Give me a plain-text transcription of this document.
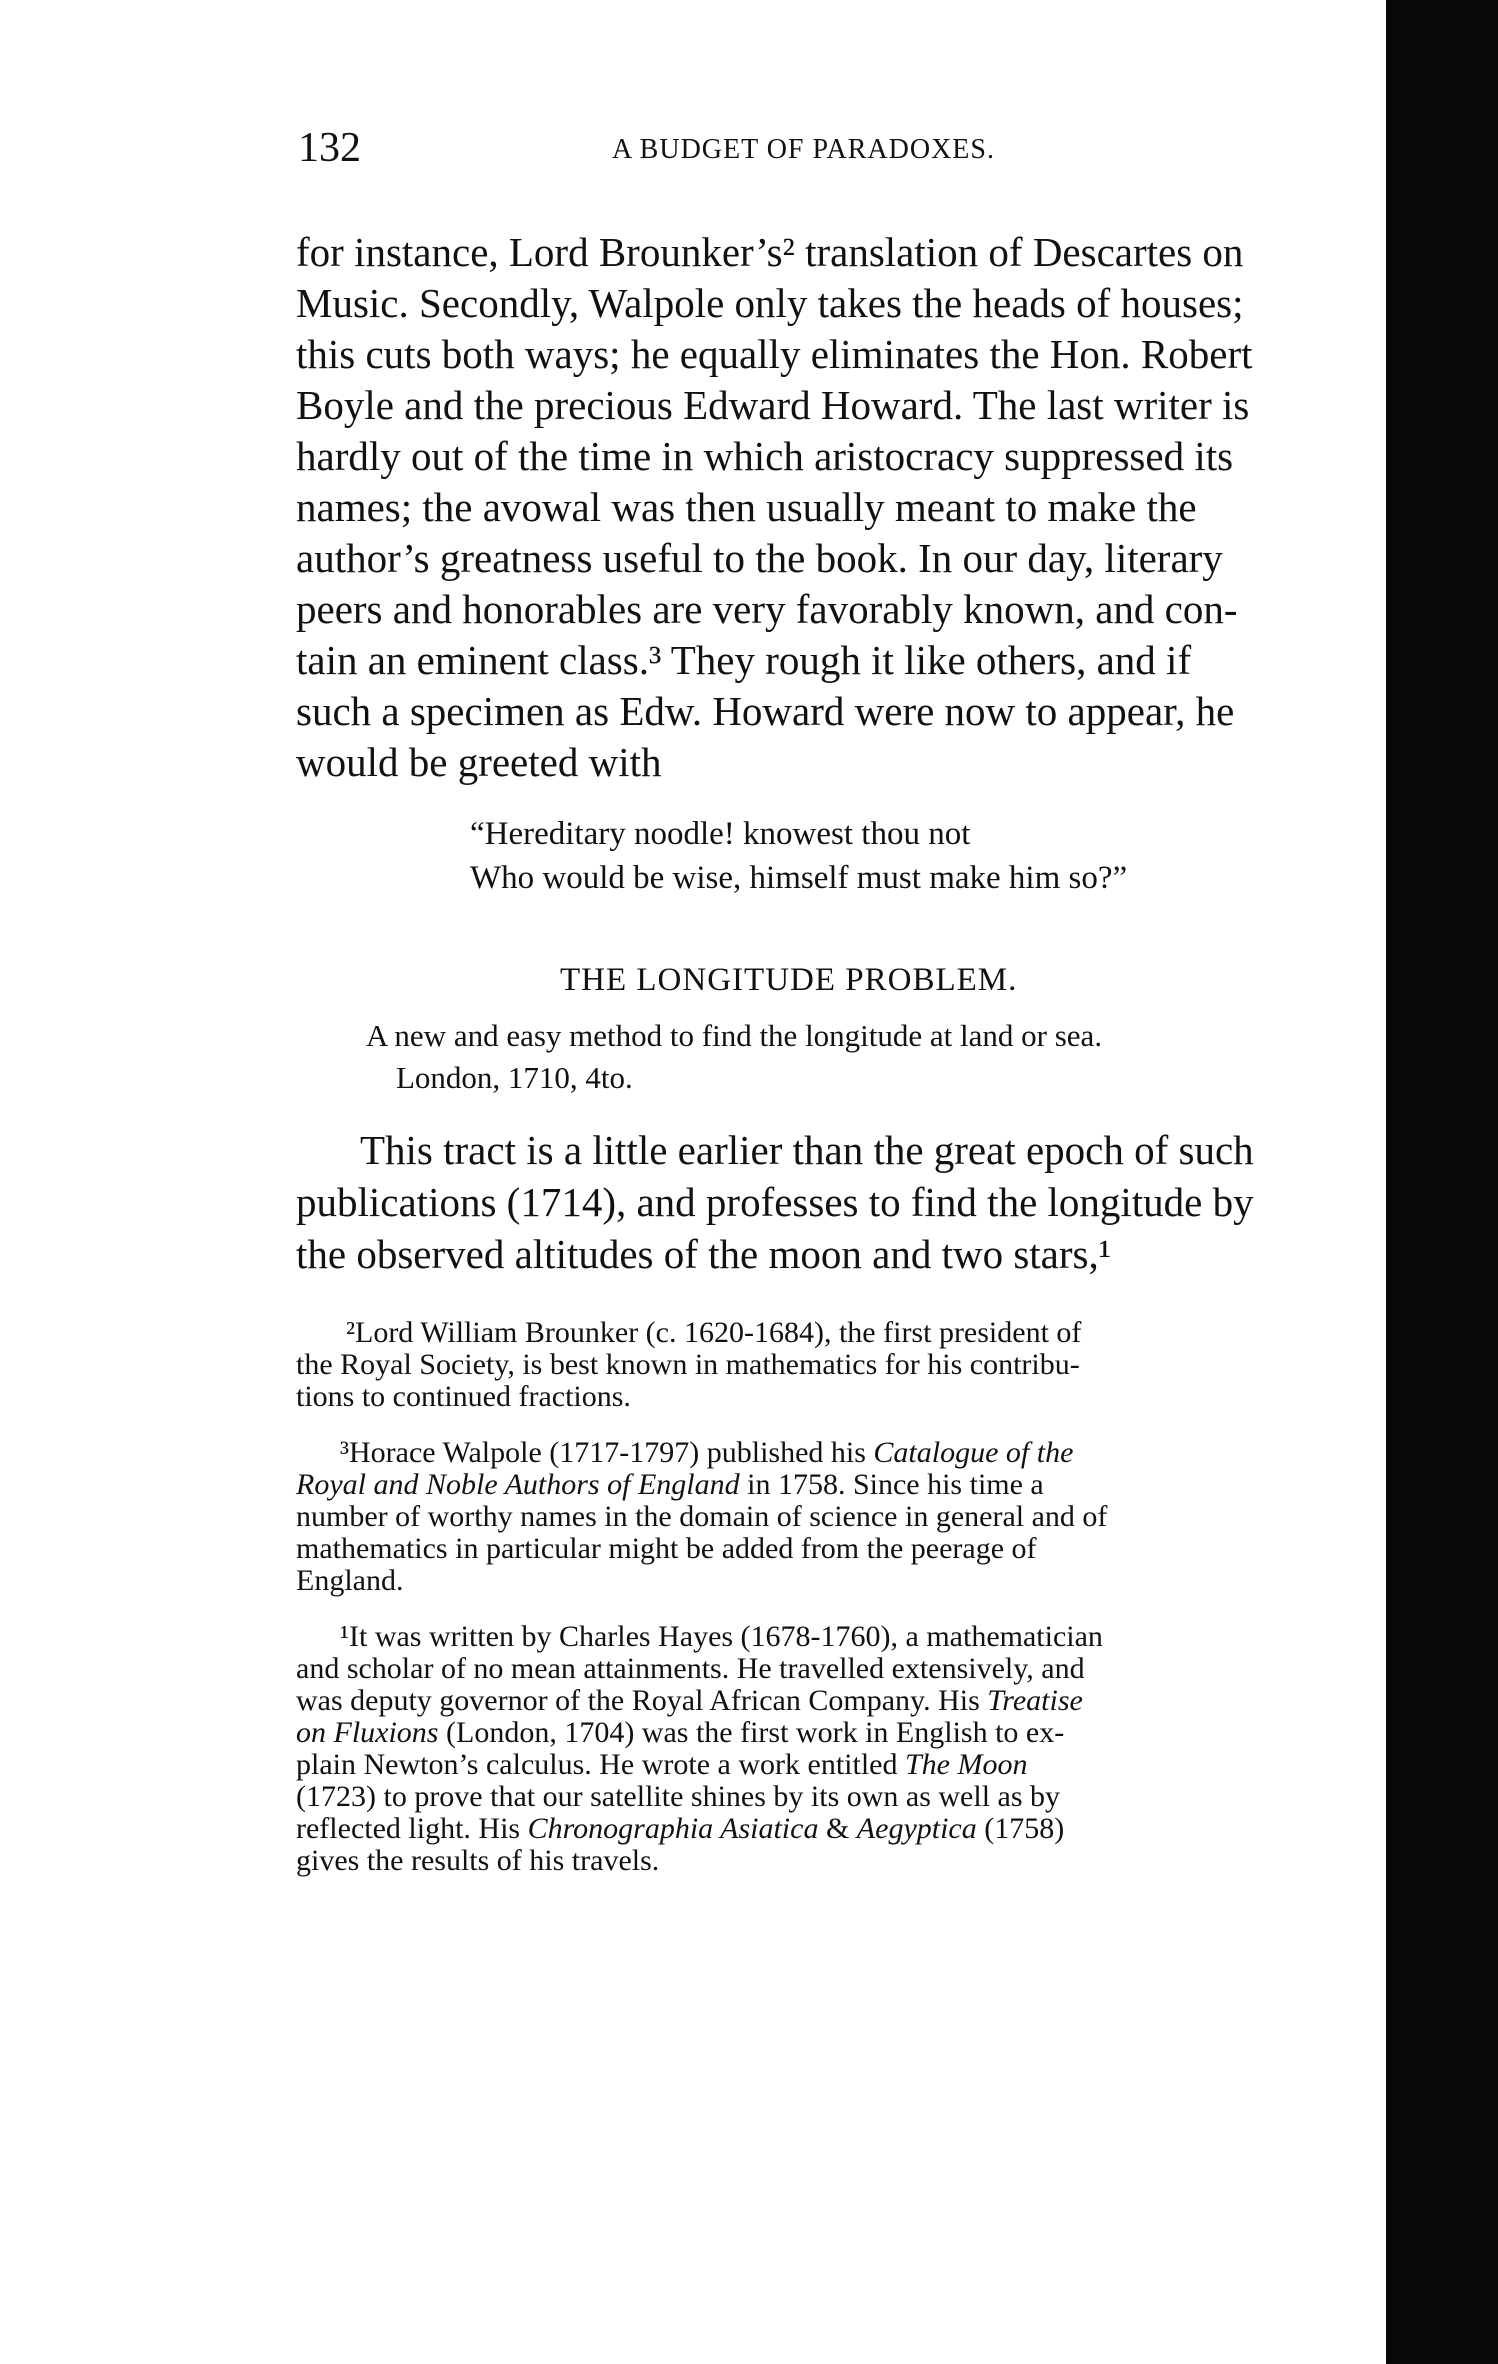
132	A BUDGET OF PARADOXES.
for instance, Lord Brounker’s² translation of Descartes on
Music. Secondly, Walpole only takes the heads of houses;
this cuts both ways; he equally eliminates the Hon. Robert
Boyle and the precious Edward Howard. The last writer is
hardly out of the time in which aristocracy suppressed its
names; the avowal was then usually meant to make the
author’s greatness useful to the book. In our day, literary
peers and honorables are very favorably known, and con-
tain an eminent class.³ They rough it like others, and if
such a specimen as Edw. Howard were now to appear, he
would be greeted with
“Hereditary noodle! knowest thou not
Who would be wise, himself must make him so?”
THE LONGITUDE PROBLEM.
A new and easy method to find the longitude at land or sea.
London, 1710, 4to.
This tract is a little earlier than the great epoch of such
publications (1714), and professes to find the longitude by
the observed altitudes of the moon and two stars,¹
²Lord William Brounker (c. 1620-1684), the first president of
the Royal Society, is best known in mathematics for his contribu-
tions to continued fractions.
³Horace Walpole (1717-1797) published his Catalogue of the
Royal and Noble Authors of England in 1758. Since his time a
number of worthy names in the domain of science in general and of
mathematics in particular might be added from the peerage of
England.
¹It was written by Charles Hayes (1678-1760), a mathematician
and scholar of no mean attainments. He travelled extensively, and
was deputy governor of the Royal African Company. His Treatise
on Fluxions (London, 1704) was the first work in English to ex-
plain Newton’s calculus. He wrote a work entitled The Moon
(1723) to prove that our satellite shines by its own as well as by
reflected light. His Chronographia Asiatica & Aegyptica (1758)
gives the results of his travels.
